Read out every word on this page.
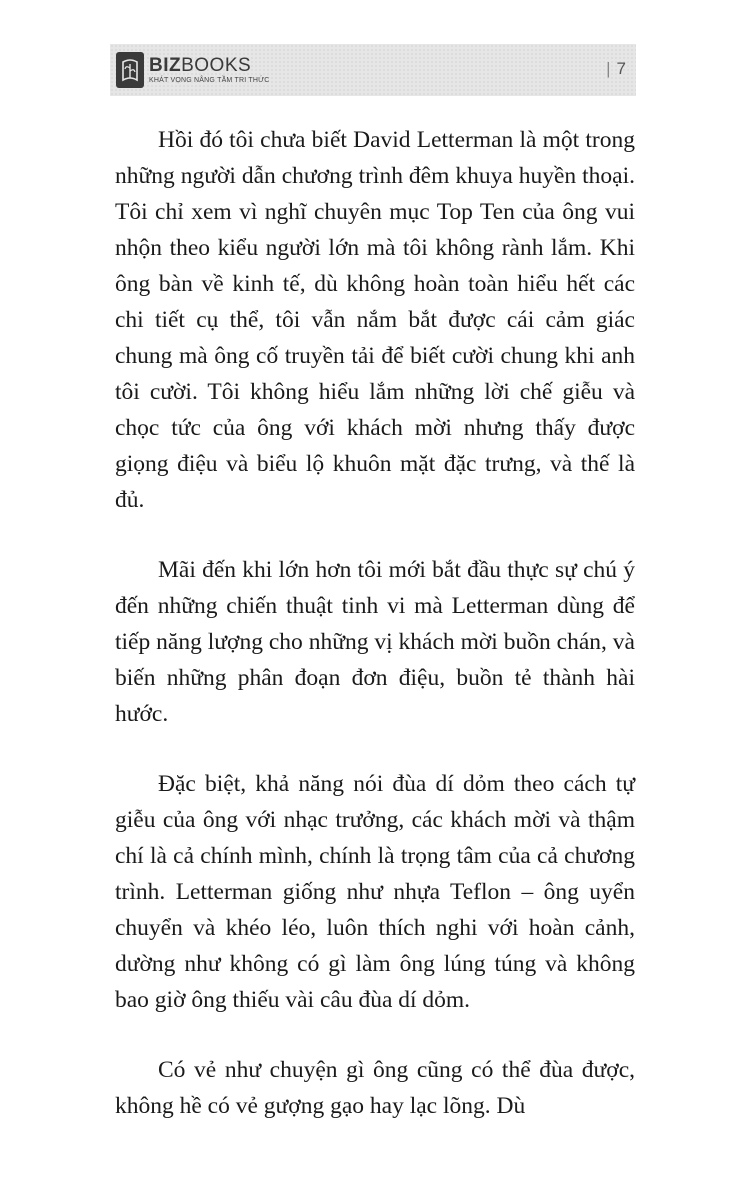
BIZBOOKS
KHÁT VỌNG NÂNG TẦM TRI THỨC
| 7

Hồi đó tôi chưa biết David Letterman là một trong những người dẫn chương trình đêm khuya huyền thoại. Tôi chỉ xem vì nghĩ chuyên mục Top Ten của ông vui nhộn theo kiểu người lớn mà tôi không rành lắm. Khi ông bàn về kinh tế, dù không hoàn toàn hiểu hết các chi tiết cụ thể, tôi vẫn nắm bắt được cái cảm giác chung mà ông cố truyền tải để biết cười chung khi anh tôi cười. Tôi không hiểu lắm những lời chế giễu và chọc tức của ông với khách mời nhưng thấy được giọng điệu và biểu lộ khuôn mặt đặc trưng, và thế là đủ.

Mãi đến khi lớn hơn tôi mới bắt đầu thực sự chú ý đến những chiến thuật tinh vi mà Letterman dùng để tiếp năng lượng cho những vị khách mời buồn chán, và biến những phân đoạn đơn điệu, buồn tẻ thành hài hước.

Đặc biệt, khả năng nói đùa dí dỏm theo cách tự giễu của ông với nhạc trưởng, các khách mời và thậm chí là cả chính mình, chính là trọng tâm của cả chương trình. Letterman giống như nhựa Teflon – ông uyển chuyển và khéo léo, luôn thích nghi với hoàn cảnh, dường như không có gì làm ông lúng túng và không bao giờ ông thiếu vài câu đùa dí dỏm.

Có vẻ như chuyện gì ông cũng có thể đùa được, không hề có vẻ gượng gạo hay lạc lõng. Dù
